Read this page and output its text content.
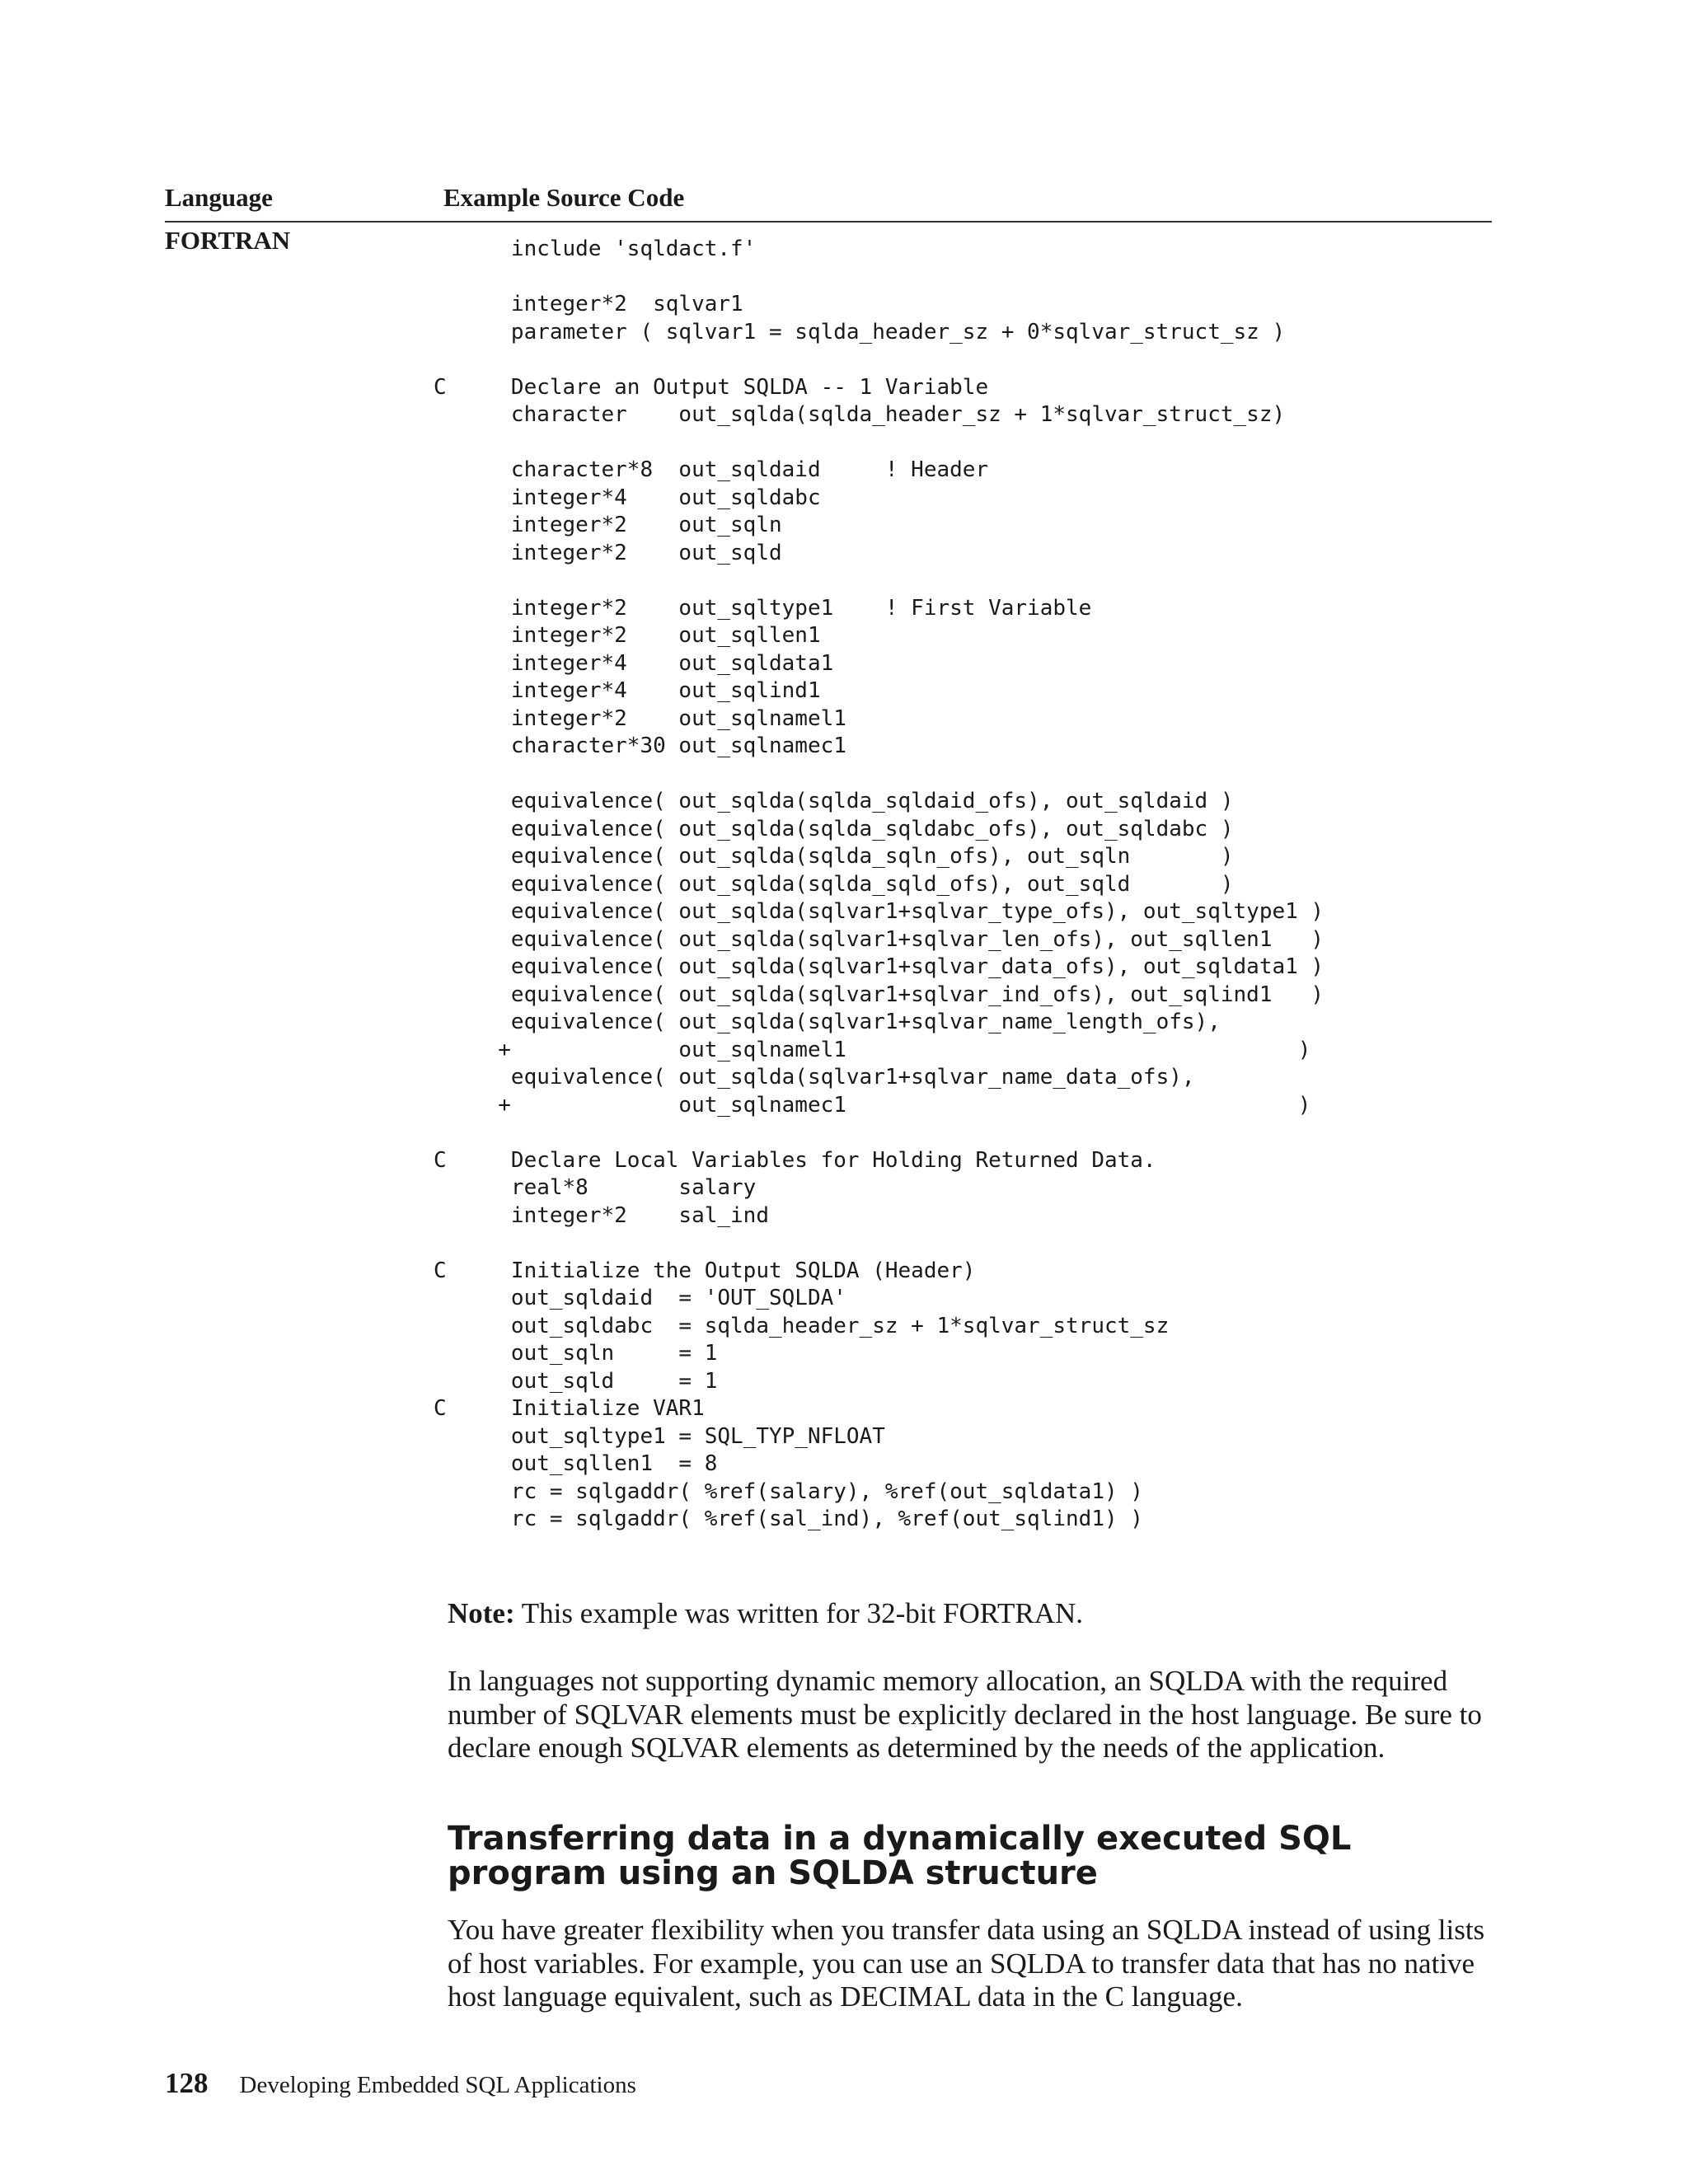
Language	Example Source Code
FORTRAN	include 'sqldact.f'

integer*2  sqlvar1
parameter ( sqlvar1 = sqlda_header_sz + 0*sqlvar_struct_sz )

C     Declare an Output SQLDA -- 1 Variable
character    out_sqlda(sqlda_header_sz + 1*sqlvar_struct_sz)

character*8  out_sqldaid     ! Header
integer*4    out_sqldabc
integer*2    out_sqln
integer*2    out_sqld

integer*2    out_sqltype1    ! First Variable
integer*2    out_sqllen1
integer*4    out_sqldata1
integer*4    out_sqlind1
integer*2    out_sqlnamel1
character*30 out_sqlnamec1

equivalence( out_sqlda(sqlda_sqldaid_ofs), out_sqldaid )
equivalence( out_sqlda(sqlda_sqldabc_ofs), out_sqldabc )
equivalence( out_sqlda(sqlda_sqln_ofs), out_sqln       )
equivalence( out_sqlda(sqlda_sqld_ofs), out_sqld       )
equivalence( out_sqlda(sqlvar1+sqlvar_type_ofs), out_sqltype1 )
equivalence( out_sqlda(sqlvar1+sqlvar_len_ofs), out_sqllen1   )
equivalence( out_sqlda(sqlvar1+sqlvar_data_ofs), out_sqldata1 )
equivalence( out_sqlda(sqlvar1+sqlvar_ind_ofs), out_sqlind1   )
equivalence( out_sqlda(sqlvar1+sqlvar_name_length_ofs),
+             out_sqlnamel1                                   )
equivalence( out_sqlda(sqlvar1+sqlvar_name_data_ofs),
+             out_sqlnamec1                                   )

C     Declare Local Variables for Holding Returned Data.
real*8       salary
integer*2    sal_ind

C     Initialize the Output SQLDA (Header)
out_sqldaid  = 'OUT_SQLDA'
out_sqldabc  = sqlda_header_sz + 1*sqlvar_struct_sz
out_sqln     = 1
out_sqld     = 1
C     Initialize VAR1
out_sqltype1 = SQL_TYP_NFLOAT
out_sqllen1  = 8
rc = sqlgaddr( %ref(salary), %ref(out_sqldata1) )
rc = sqlgaddr( %ref(sal_ind), %ref(out_sqlind1) )
Note: This example was written for 32-bit FORTRAN.

In languages not supporting dynamic memory allocation, an SQLDA with the required number of SQLVAR elements must be explicitly declared in the host language. Be sure to declare enough SQLVAR elements as determined by the needs of the application.

Transferring data in a dynamically executed SQL program using an SQLDA structure

You have greater flexibility when you transfer data using an SQLDA instead of using lists of host variables. For example, you can use an SQLDA to transfer data that has no native host language equivalent, such as DECIMAL data in the C language.

128 Developing Embedded SQL Applications
